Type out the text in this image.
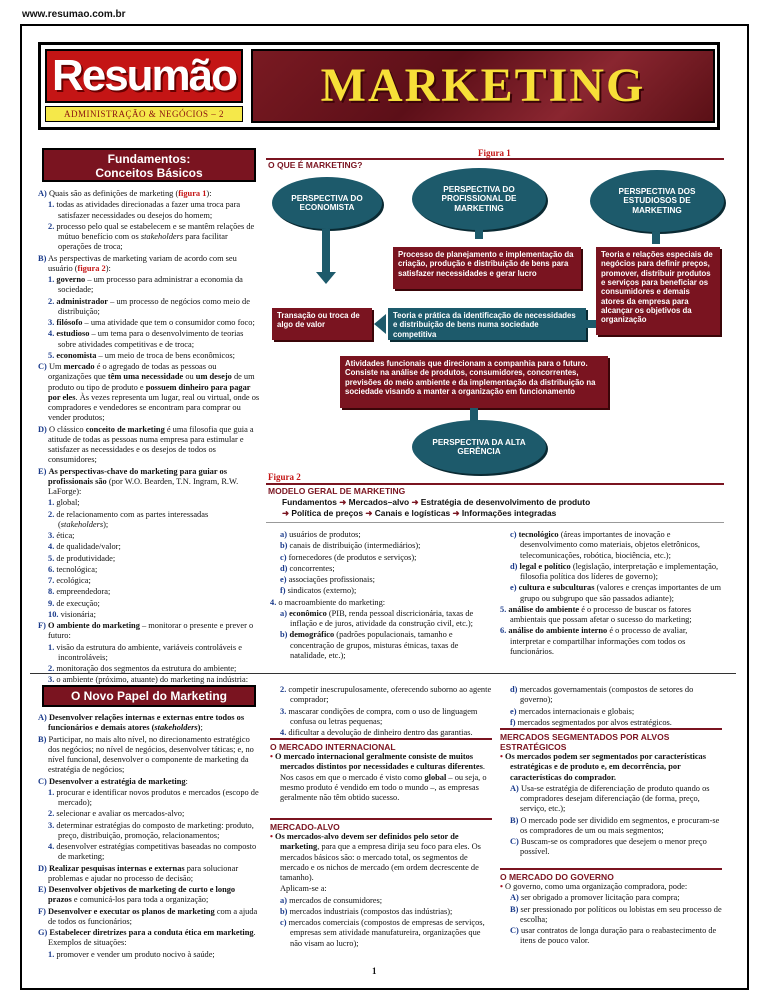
www.resumao.com.br
Resumão
ADMINISTRAÇÃO & NEGÓCIOS – 2
MARKETING
Fundamentos:
Conceitos Básicos

A) Quais são as definições de marketing (figura 1):

1. todas as atividades direcionadas a fazer uma troca para satisfazer necessidades ou desejos do homem;

2. processo pelo qual se estabelecem e se mantêm relações de mútuo benefício com os stakeholders para facilitar operações de troca;

B) As perspectivas de marketing variam de acordo com seu usuário (figura 2):

1. governo – um processo para administrar a economia da sociedade;

2. administrador – um processo de negócios como meio de distribuição;

3. filósofo – uma atividade que tem o consumidor como foco;

4. estudioso – um tema para o desenvolvimento de teorias sobre atividades competitivas e de troca;

5. economista – um meio de troca de bens econômicos;

C) Um mercado é o agregado de todas as pessoas ou organizações que têm uma necessidade ou um desejo de um produto ou tipo de produto e possuem dinheiro para pagar por eles. Às vezes representa um lugar, real ou virtual, onde os compradores e vendedores se encontram para comprar ou vender produtos;

D) O clássico conceito de marketing é uma filosofia que guia a atitude de todas as pessoas numa empresa para estimular e satisfazer as necessidades e os desejos de todos os consumidores;

E) As perspectivas-chave do marketing para guiar os profissionais são (por W.O. Bearden, T.N. Ingram, R.W. LaForge):

1. global;

2. de relacionamento com as partes interessadas (stakeholders);

3. ética;

4. de qualidade/valor;

5. de produtividade;

6. tecnológica;

7. ecológica;

8. empreendedora;

9. de execução;

10. visionária;

F) O ambiente do marketing – monitorar o presente e prever o futuro:

1. visão da estrutura do ambiente, variáveis controláveis e incontroláveis;

2. monitoração dos segmentos da estrutura do ambiente;

3. o ambiente (próximo, atuante) do marketing na indústria:

Figura 1
O QUE É MARKETING?
PERSPECTIVA DO ECONOMISTA
PERSPECTIVA DO PROFISSIONAL DE MARKETING
PERSPECTIVA DOS ESTUDIOSOS DE MARKETING
Processo de planejamento e implementação da criação, produção e distribuição de bens para satisfazer necessidades e gerar lucro
Teoria e relações especiais de negócios para definir preços, promover, distribuir produtos e serviços para beneficiar os consumidores e demais atores da empresa para alcançar os objetivos da organização
Transação ou troca de algo de valor
Teoria e prática da identificação de necessidades e distribuição de bens numa sociedade competitiva
Atividades funcionais que direcionam a companhia para o futuro. Consiste na análise de produtos, consumidores, concorrentes, previsões do meio ambiente e da implementação da distribuição na sociedade visando a manter a organização em funcionamento
PERSPECTIVA DA ALTA GERÊNCIA
Figura 2
MODELO GERAL DE MARKETING
Fundamentos ➜ Mercados–alvo ➜ Estratégia de desenvolvimento de produto
➜ Política de preços ➜ Canais e logísticas ➜ Informações integradas

a) usuários de produtos;

b) canais de distribuição (intermediários);

c) fornecedores (de produtos e serviços);

d) concorrentes;

e) associações profissionais;

f) sindicatos (externo);

4. o macroambiente do marketing:

a) econômico (PIB, renda pessoal discricionária, taxas de inflação e de juros, atividade da construção civil, etc.);

b) demográfico (padrões populacionais, tamanho e concentração de grupos, misturas étnicas, taxas de natalidade, etc.);

c) tecnológico (áreas importantes de inovação e desenvolvimento como materiais, objetos eletrônicos, telecomunicações, robótica, biociência, etc.);

d) legal e político (legislação, interpretação e implementação, filosofia política dos líderes de governo);

e) cultura e subculturas (valores e crenças importantes de um grupo ou subgrupo que são passados adiante);

5. análise do ambiente é o processo de buscar os fatores ambientais que possam afetar o sucesso do marketing;

6. análise do ambiente interno é o processo de avaliar, interpretar e compartilhar informações com todos os funcionários.

O Novo Papel do Marketing

A) Desenvolver relações internas e externas entre todos os funcionários e demais atores (stakeholders);

B) Participar, no mais alto nível, no direcionamento estratégico dos negócios; no nível de negócios, desenvolver táticas; e, no nível funcional, desenvolver o componente de marketing da estratégia de negócios;

C) Desenvolver a estratégia de marketing:

1. procurar e identificar novos produtos e mercados (escopo de mercado);

2. selecionar e avaliar os mercados-alvo;

3. determinar estratégias do composto de marketing: produto, preço, distribuição, promoção, relacionamentos;

4. desenvolver estratégias competitivas baseadas no composto de marketing;

D) Realizar pesquisas internas e externas para solucionar problemas e ajudar no processo de decisão;

E) Desenvolver objetivos de marketing de curto e longo prazos e comunicá-los para toda a organização;

F) Desenvolver e executar os planos de marketing com a ajuda de todos os funcionários;

G) Estabelecer diretrizes para a conduta ética em marketing. Exemplos de situações:

1. promover e vender um produto nocivo à saúde;

2. competir inescrupulosamente, oferecendo suborno ao agente comprador;

3. mascarar condições de compra, com o uso de linguagem confusa ou letras pequenas;

4. dificultar a devolução de dinheiro dentro das garantias.

O MERCADO INTERNACIONAL

• O mercado internacional geralmente consiste de muitos mercados distintos por necessidades e culturas diferentes. Nos casos em que o mercado é visto como global – ou seja, o mesmo produto é vendido em todo o mundo –, as empresas geralmente não têm obtido sucesso.

MERCADO-ALVO

• Os mercados-alvo devem ser definidos pelo setor de marketing, para que a empresa dirija seu foco para eles. Os mercados básicos são: o mercado total, os segmentos de mercado e os nichos de mercado (em ordem decrescente de tamanho).

Aplicam-se a:

a) mercados de consumidores;

b) mercados industriais (compostos das indústrias);

c) mercados comerciais (compostos de empresas de serviços, empresas sem atividade manufatureira, organizações que não visam ao lucro);

d) mercados governamentais (compostos de setores do governo);

e) mercados internacionais e globais;

f) mercados segmentados por alvos estratégicos.

MERCADOS SEGMENTADOS POR ALVOS ESTRATÉGICOS

• Os mercados podem ser segmentados por características estratégicas e de produto e, em decorrência, por características do comprador.

A) Usa-se estratégia de diferenciação de produto quando os compradores desejam diferenciação (de forma, preço, serviço, etc.);

B) O mercado pode ser dividido em segmentos, e procuram-se os compradores de um ou mais segmentos;

C) Buscam-se os compradores que desejem o menor preço possível.

O MERCADO DO GOVERNO

• O governo, como uma organização compradora, pode:

A) ser obrigado a promover licitação para compra;

B) ser pressionado por políticos ou lobistas em seu processo de escolha;

C) usar contratos de longa duração para o reabastecimento de itens de pouco valor.

1
